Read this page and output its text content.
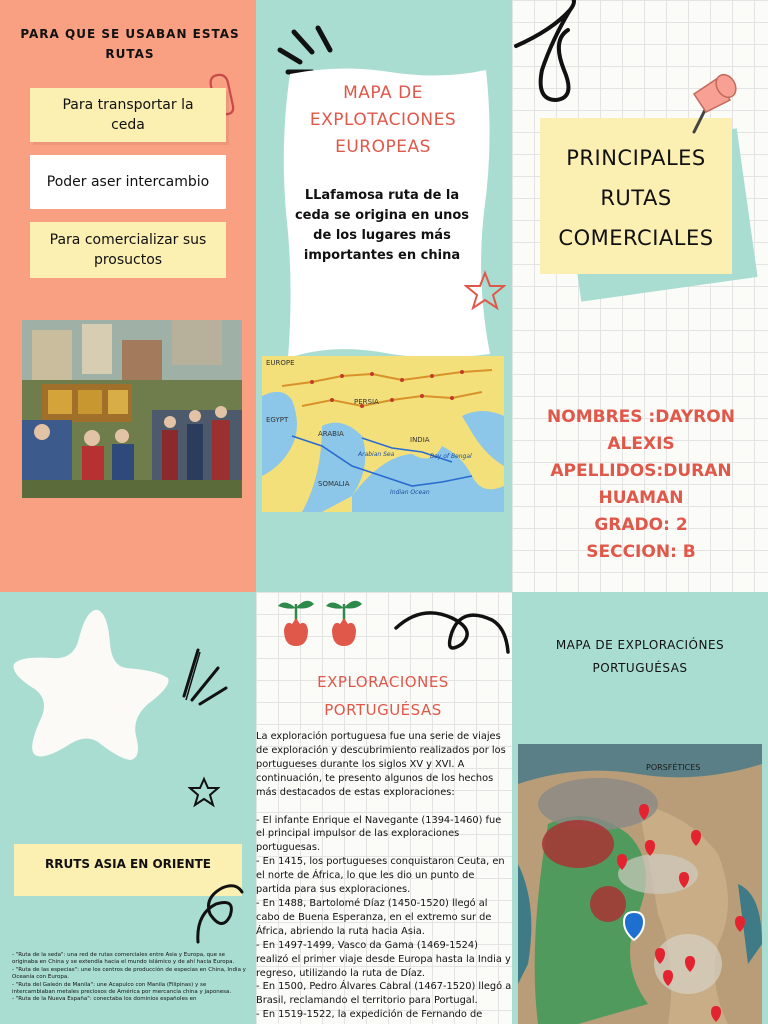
PARA QUE SE USABAN ESTAS RUTAS
Para transportar la ceda
Poder aser intercambio
Para comercializar sus prosuctos
MAPA DE EXPLOTACIONES EUROPEAS
LLafamosa ruta de la ceda se origina en unos de los lugares más importantes en china
EUROPE
EGYPT
ARABIA
PERSIA
INDIA
SOMALIA
Arabian Sea	Bay of Bengal
Indian Ocean
PRINCIPALES RUTAS COMERCIALES
NOMBRES :DAYRON
ALEXIS
APELLIDOS:DURAN
HUAMAN
GRADO: 2
SECCION: B
RRUTS ASIA EN ORIENTE
- "Ruta de la seda": una red de rutas comerciales entre Asia y Europa, que se originaba en China y se extendía hacia el mundo islámico y de ahí hacia Europa.
- "Ruta de las especias": une los centros de producción de especias en China, India y Oceanía con Europa.
- "Ruta del Galeón de Manila": une Acapulco con Manila (Filipinas) y se intercambiaban metales preciosos de América por mercancía china y japonesa.
- "Ruta de la Nueva España": conectaba los dominios españoles en
EXPLORACIONES PORTUGUÉSAS
La exploración portuguesa fue una serie de viajes de exploración y descubrimiento realizados por los portugueses durante los siglos XV y XVI. A continuación, te presento algunos de los hechos más destacados de estas exploraciones:
- El infante Enrique el Navegante (1394-1460) fue el principal impulsor de las exploraciones portuguesas.
- En 1415, los portugueses conquistaron Ceuta, en el norte de África, lo que les dio un punto de partida para sus exploraciones.
- En 1488, Bartolomé Díaz (1450-1520) llegó al cabo de Buena Esperanza, en el extremo sur de África, abriendo la ruta hacia Asia.
- En 1497-1499, Vasco da Gama (1469-1524) realizó el primer viaje desde Europa hasta la India y regreso, utilizando la ruta de Díaz.
- En 1500, Pedro Álvares Cabral (1467-1520) llegó a Brasil, reclamando el territorio para Portugal.
- En 1519-1522, la expedición de Fernando de
MAPA DE EXPLORACIÓNES PORTUGUÉSAS
PORSFÉTICES
